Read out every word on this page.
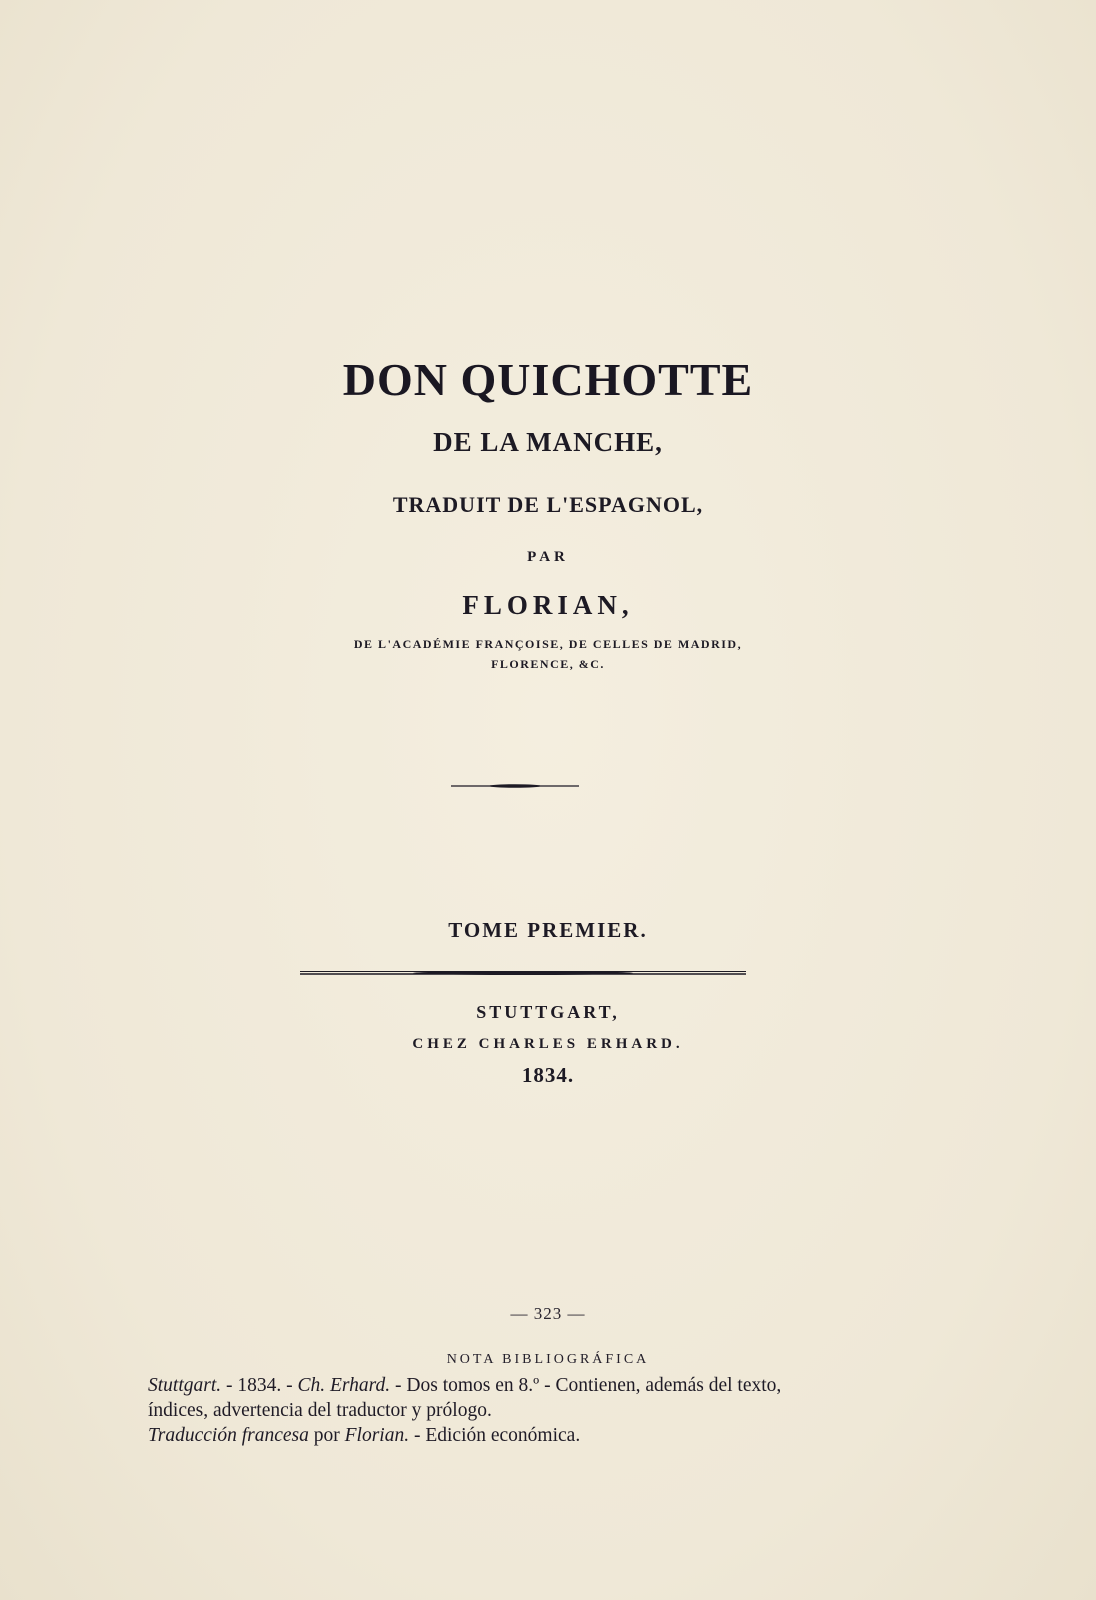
DON QUICHOTTE
DE LA MANCHE,
TRADUIT DE L'ESPAGNOL,
PAR
FLORIAN,
DE L'ACADÉMIE FRANÇOISE, DE CELLES DE MADRID,
FLORENCE, &C.
TOME PREMIER.
STUTTGART,
CHEZ CHARLES ERHARD.
1834.
— 323 —
NOTA BIBLIOGRÁFICA
Stuttgart. - 1834. - Ch. Erhard. - Dos tomos en 8.º - Contienen, además del texto,
índices, advertencia del traductor y prólogo.
Traducción francesa por Florian. - Edición económica.
